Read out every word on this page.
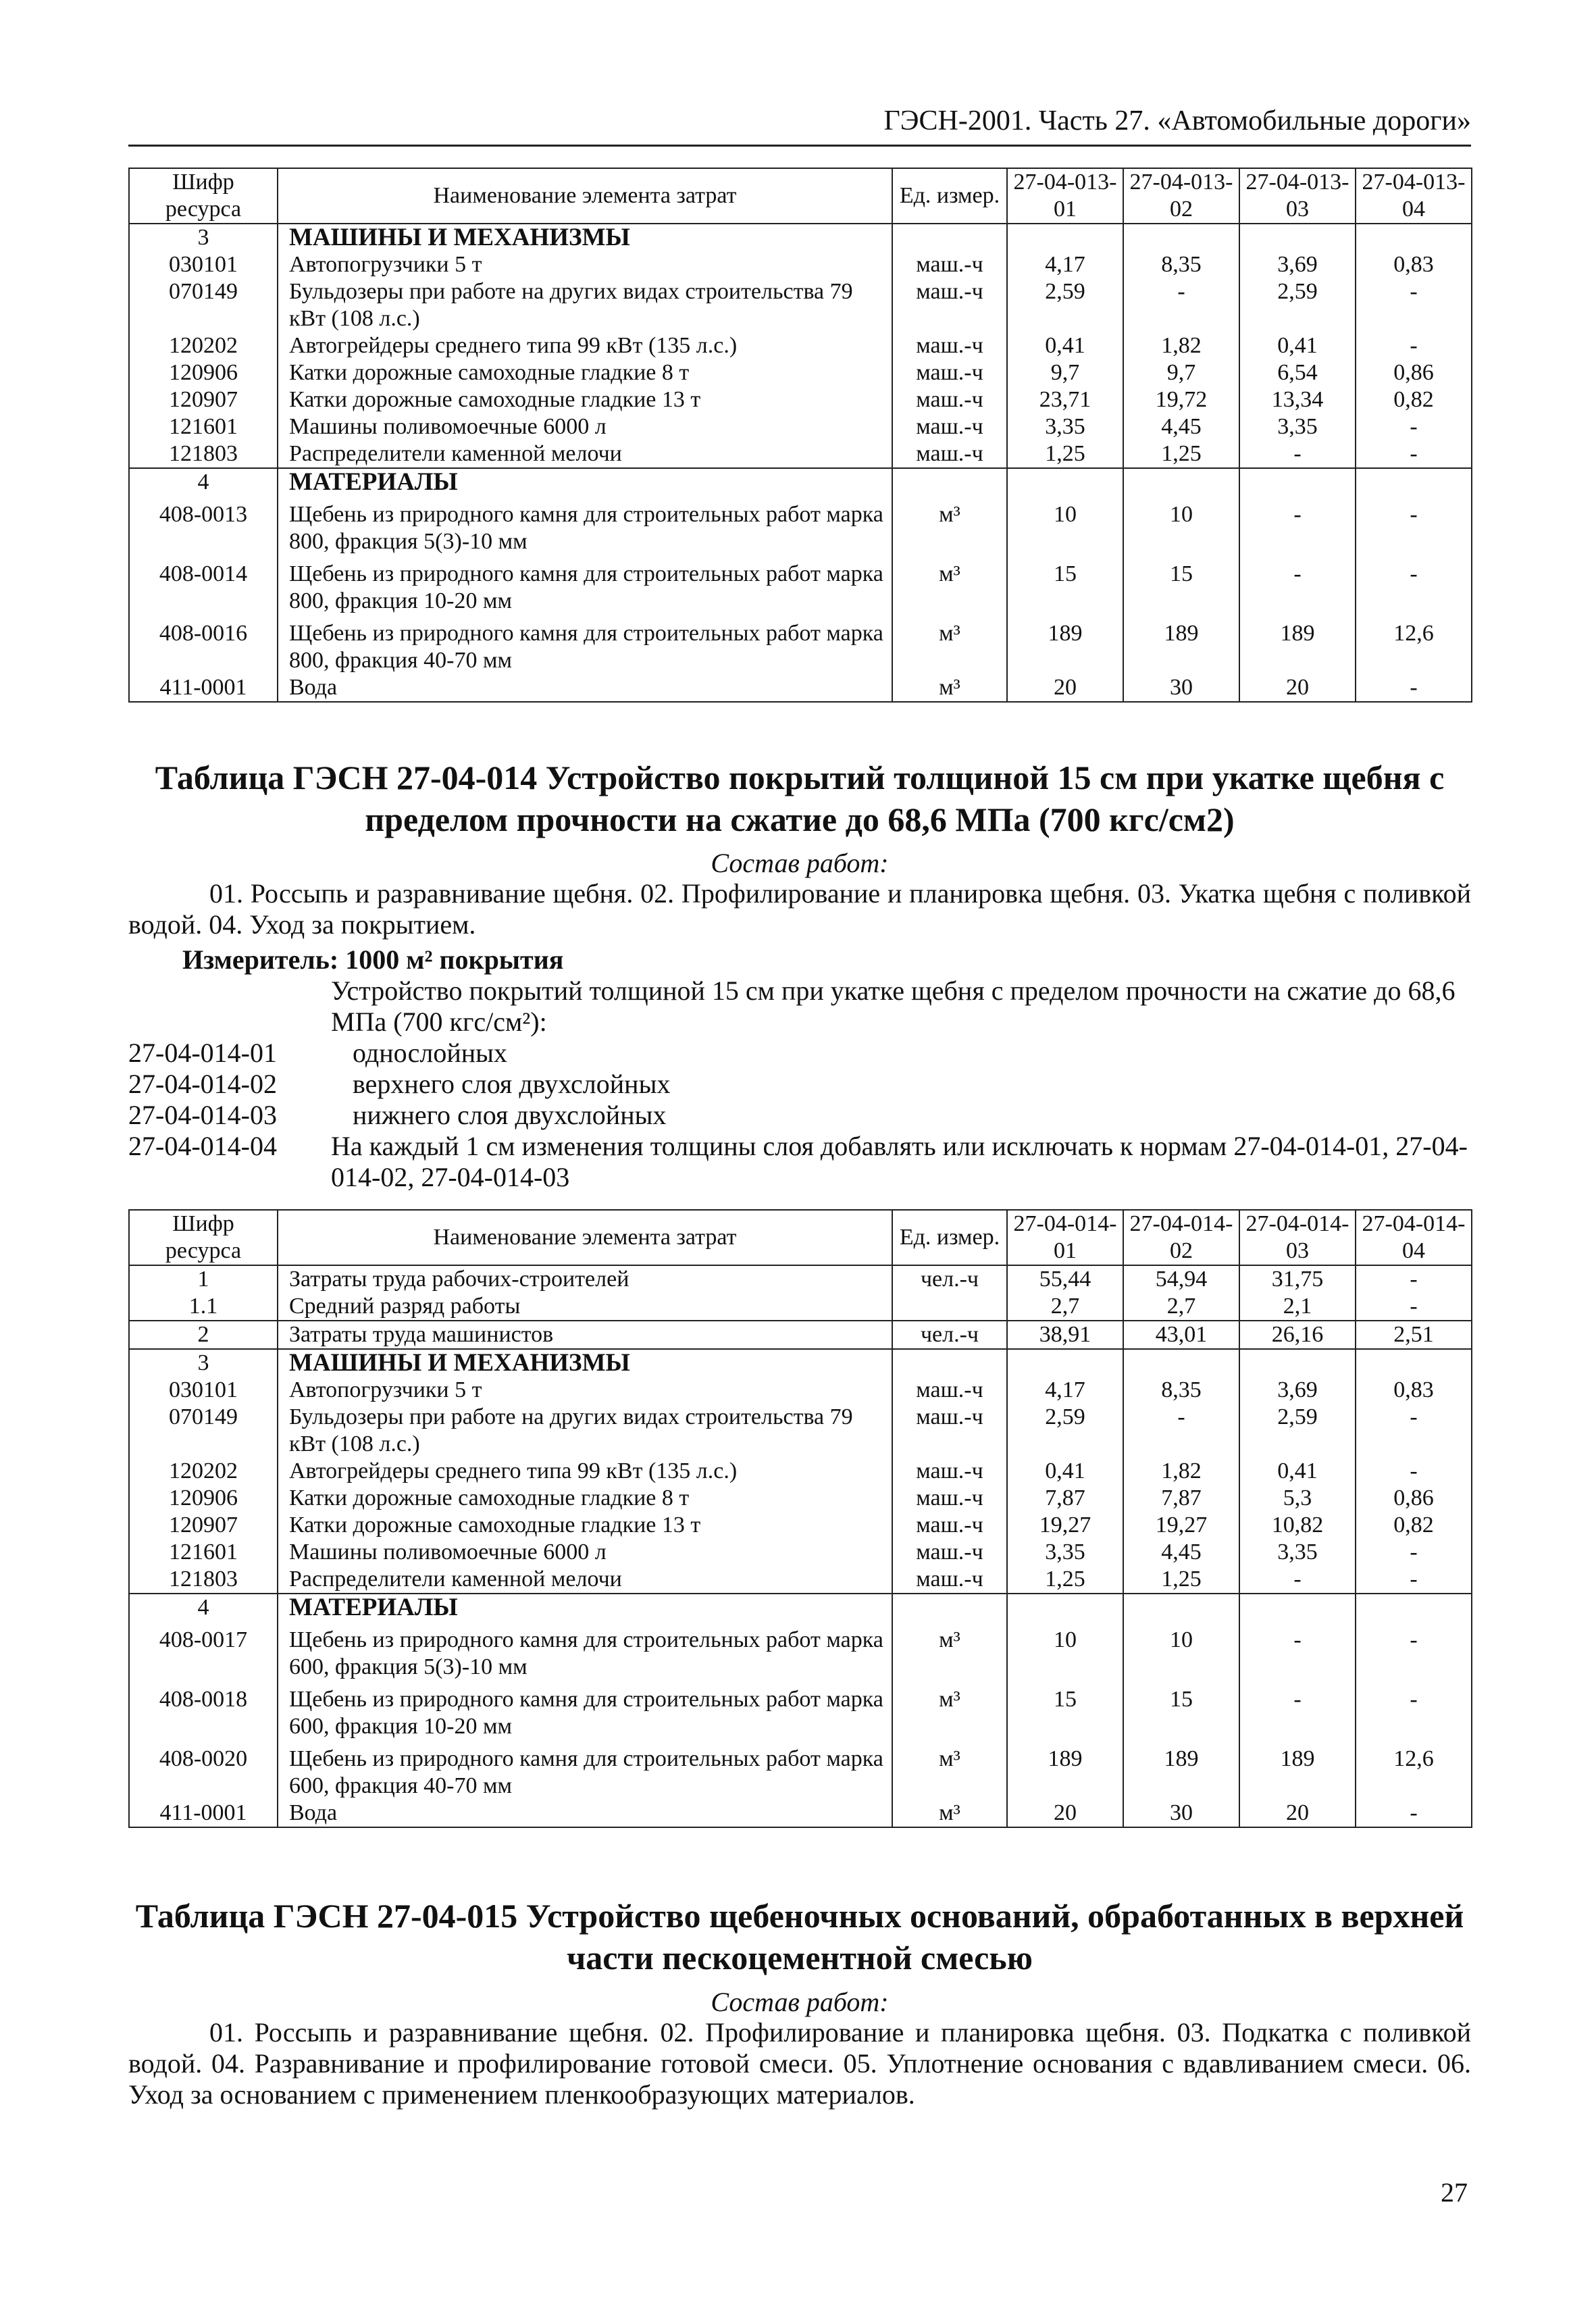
ГЭСН-2001. Часть 27. «Автомобильные дороги»
Шифр ресурса	Наименование элемента затрат	Ед. измер.	27-04-013-01	27-04-013-02	27-04-013-03	27-04-013-04
3	МАШИНЫ И МЕХАНИЗМЫ					
030101	Автопогрузчики 5 т	маш.-ч	4,17	8,35	3,69	0,83
070149	Бульдозеры при работе на других видах строительства 79 кВт (108 л.с.)	маш.-ч	2,59	-	2,59	-
120202	Автогрейдеры среднего типа 99 кВт (135 л.с.)	маш.-ч	0,41	1,82	0,41	-
120906	Катки дорожные самоходные гладкие 8 т	маш.-ч	9,7	9,7	6,54	0,86
120907	Катки дорожные самоходные гладкие 13 т	маш.-ч	23,71	19,72	13,34	0,82
121601	Машины поливомоечные 6000 л	маш.-ч	3,35	4,45	3,35	-
121803	Распределители каменной мелочи	маш.-ч	1,25	1,25	-	-
4	МАТЕРИАЛЫ					
408-0013	Щебень из природного камня для строительных работ марка 800, фракция 5(3)-10 мм	м³	10	10	-	-
408-0014	Щебень из природного камня для строительных работ марка 800, фракция 10-20 мм	м³	15	15	-	-
408-0016	Щебень из природного камня для строительных работ марка 800, фракция 40-70 мм	м³	189	189	189	12,6
411-0001	Вода	м³	20	30	20	-
Таблица ГЭСН 27-04-014 Устройство покрытий толщиной 15 см при укатке щебня с пределом прочности на сжатие до 68,6 МПа (700 кгс/см2)
Состав работ:
01. Россыпь и разравнивание щебня. 02. Профилирование и планировка щебня. 03. Укатка щебня с поливкой водой. 04. Уход за покрытием.
Измеритель: 1000 м² покрытия
Устройство покрытий толщиной 15 см при укатке щебня с пределом прочности на сжатие до 68,6 МПа (700 кгс/см²):
27-04-014-01	однослойных
27-04-014-02	верхнего слоя двухслойных
27-04-014-03	нижнего слоя двухслойных
27-04-014-04	На каждый 1 см изменения толщины слоя добавлять или исключать к нормам 27-04-014-01, 27-04-014-02, 27-04-014-03
Шифр ресурса	Наименование элемента затрат	Ед. измер.	27-04-014-01	27-04-014-02	27-04-014-03	27-04-014-04
1	Затраты труда рабочих-строителей	чел.-ч	55,44	54,94	31,75	-
1.1	Средний разряд работы		2,7	2,7	2,1	-
2	Затраты труда машинистов	чел.-ч	38,91	43,01	26,16	2,51
3	МАШИНЫ И МЕХАНИЗМЫ					
030101	Автопогрузчики 5 т	маш.-ч	4,17	8,35	3,69	0,83
070149	Бульдозеры при работе на других видах строительства 79 кВт (108 л.с.)	маш.-ч	2,59	-	2,59	-
120202	Автогрейдеры среднего типа 99 кВт (135 л.с.)	маш.-ч	0,41	1,82	0,41	-
120906	Катки дорожные самоходные гладкие 8 т	маш.-ч	7,87	7,87	5,3	0,86
120907	Катки дорожные самоходные гладкие 13 т	маш.-ч	19,27	19,27	10,82	0,82
121601	Машины поливомоечные 6000 л	маш.-ч	3,35	4,45	3,35	-
121803	Распределители каменной мелочи	маш.-ч	1,25	1,25	-	-
4	МАТЕРИАЛЫ					
408-0017	Щебень из природного камня для строительных работ марка 600, фракция 5(3)-10 мм	м³	10	10	-	-
408-0018	Щебень из природного камня для строительных работ марка 600, фракция 10-20 мм	м³	15	15	-	-
408-0020	Щебень из природного камня для строительных работ марка 600, фракция 40-70 мм	м³	189	189	189	12,6
411-0001	Вода	м³	20	30	20	-
Таблица ГЭСН 27-04-015 Устройство щебеночных оснований, обработанных в верхней части пескоцементной смесью
Состав работ:
01. Россыпь и разравнивание щебня. 02. Профилирование и планировка щебня. 03. Подкатка с поливкой водой. 04. Разравнивание и профилирование готовой смеси. 05. Уплотнение основания с вдавливанием смеси. 06. Уход за основанием с применением пленкообразующих материалов.
27
